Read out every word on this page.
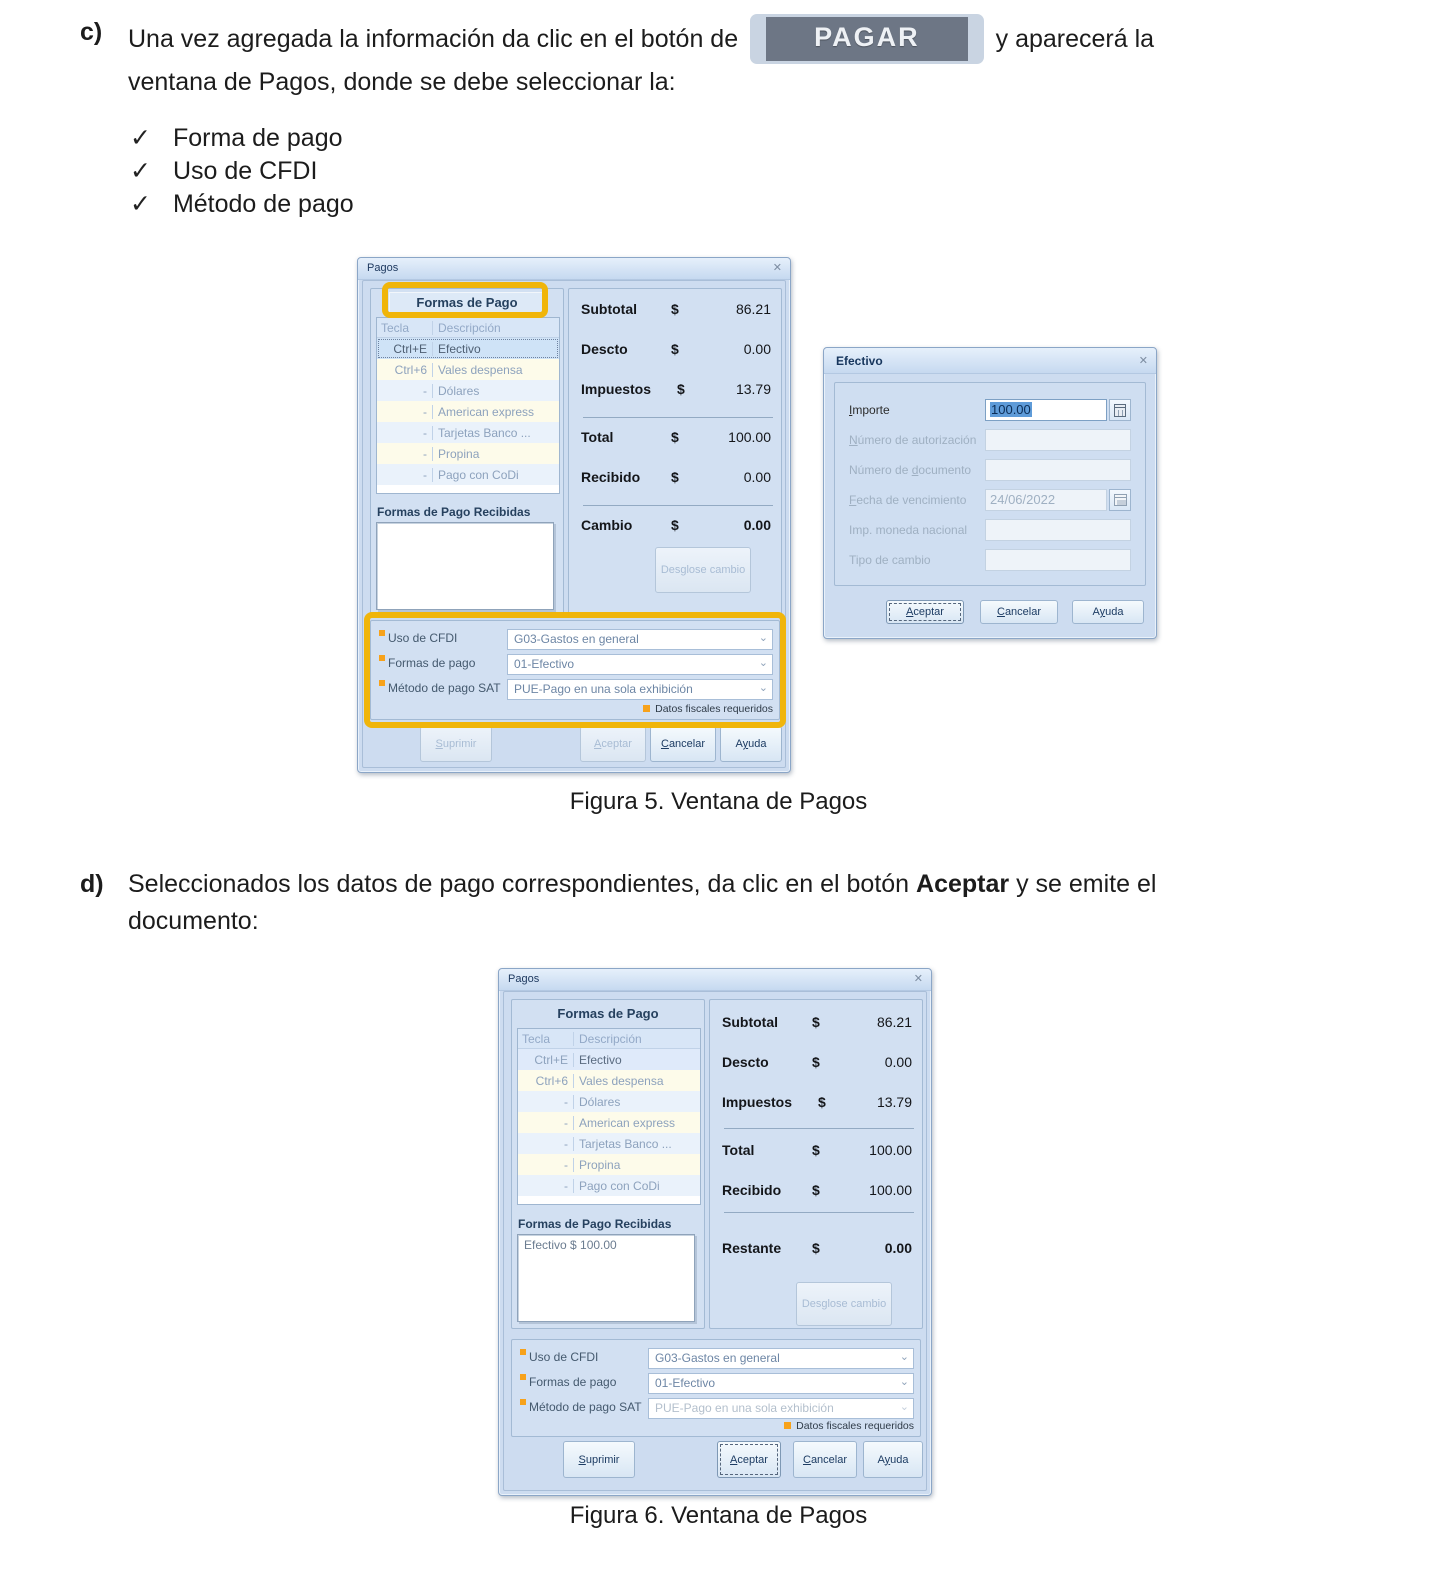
c)	Una vez agregada la información da clic en el botón de	PAGAR	y aparecerá la
ventana de Pagos, donde se debe seleccionar la:
✓ Forma de pago
✓ Uso de CFDI
✓ Método de pago
Pagos	✕
Formas de Pago
Tecla	Descripción
Ctrl+E Efectivo
Ctrl+6 Vales despensa
- Dólares
- American express
- Tarjetas Banco ...
- Propina
- Pago con CoDi
Formas de Pago Recibidas
Subtotal $	86.21
Descto	$	0.00
Impuestos $	13.79
Total	$	100.00
Recibido $	0.00
Cambio	$	0.00
Desglose cambio
Uso de CFDI	G03-Gastos en general	⌄
Formas de pago	01-Efectivo	⌄
Método de pago SAT	PUE-Pago en una sola exhibición	⌄
Datos fiscales requeridos
Suprimir	Aceptar	Cancelar	Ayuda
Efectivo	✕
Importe	100.00
Número de autorización
Número de documento
Fecha de vencimiento	24/06/2022
Imp. moneda nacional
Tipo de cambio
Aceptar	Cancelar	Ayuda
Figura 5. Ventana de Pagos
d) Seleccionados los datos de pago correspondientes, da clic en el botón Aceptar y se emite el
documento:
Pagos	✕
Formas de Pago
Tecla	Descripción
Ctrl+E Efectivo
Ctrl+6 Vales despensa
- Dólares
- American express
- Tarjetas Banco ...
- Propina
- Pago con CoDi
Formas de Pago Recibidas
Efectivo $ 100.00
Subtotal $	86.21
Descto	$	0.00
Impuestos $	13.79
Total	$	100.00
Recibido $	100.00
Restante $	0.00
Desglose cambio
Uso de CFDI	G03-Gastos en general	⌄
Formas de pago	01-Efectivo	⌄
Método de pago SAT	PUE-Pago en una sola exhibición	⌄
Datos fiscales requeridos
Suprimir	Aceptar	Cancelar	Ayuda
Figura 6. Ventana de Pagos
